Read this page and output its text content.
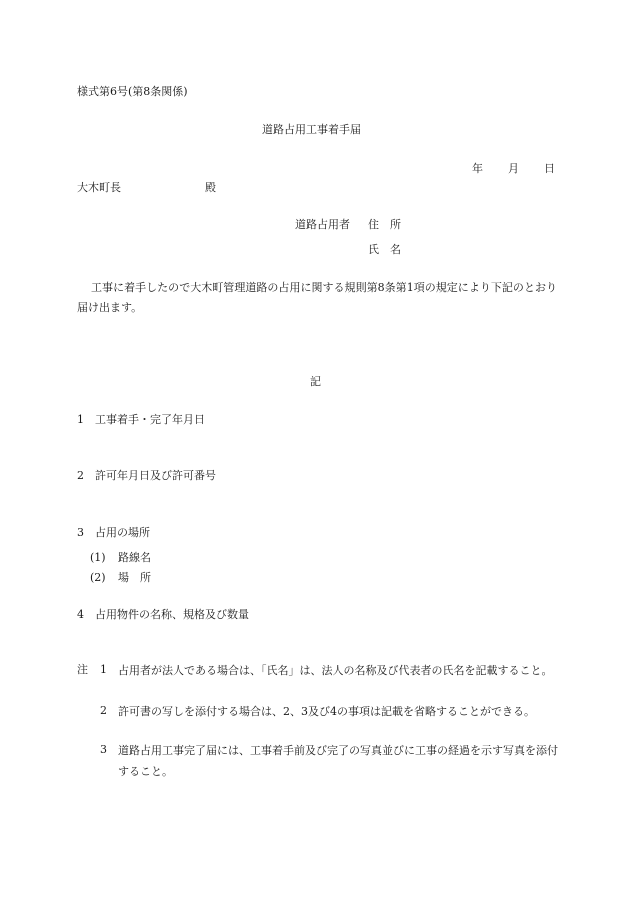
様式第6号(第8条関係)
道路占用工事着手届
年 月 日
大木町長	殿
道路占用者 住　所
氏　名
工事に着手したので大木町管理道路の占用に関する規則第8条第1項の規定により下記のとおり届け出ます。
記
1　工事着手・完了年月日
2　許可年月日及び許可番号
3　占用の場所
(1) 路線名
(2) 場　所
4　占用物件の名称、規格及び数量
注 1 占用者が法人である場合は、「氏名」は、法人の名称及び代表者の氏名を記載すること。
2 許可書の写しを添付する場合は、2、3及び4の事項は記載を省略することができる。
3 道路占用工事完了届には、工事着手前及び完了の写真並びに工事の経過を示す写真を添付すること。
